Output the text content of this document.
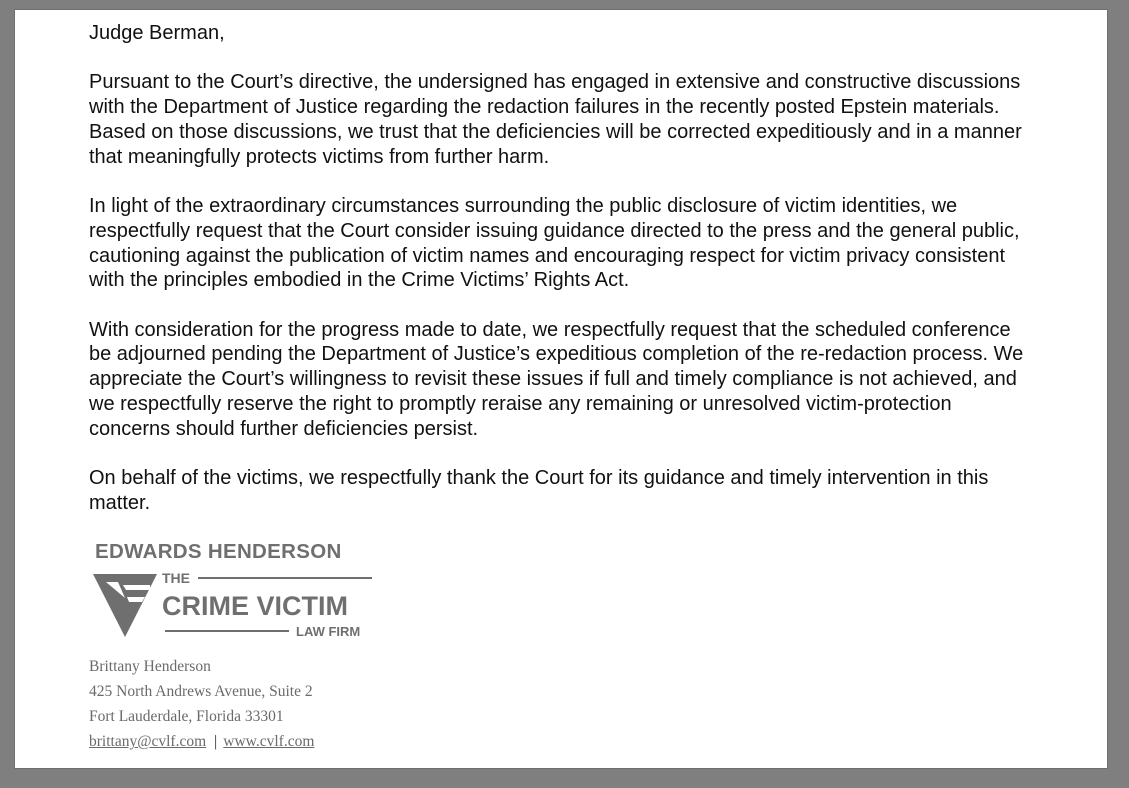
Judge Berman,
Pursuant to the Court’s directive, the undersigned has engaged in extensive and constructive discussions with the Department of Justice regarding the redaction failures in the recently posted Epstein materials. Based on those discussions, we trust that the deficiencies will be corrected expeditiously and in a manner that meaningfully protects victims from further harm.
In light of the extraordinary circumstances surrounding the public disclosure of victim identities, we respectfully request that the Court consider issuing guidance directed to the press and the general public, cautioning against the publication of victim names and encouraging respect for victim privacy consistent with the principles embodied in the Crime Victims’ Rights Act.
With consideration for the progress made to date, we respectfully request that the scheduled conference be adjourned pending the Department of Justice’s expeditious completion of the re-redaction process. We appreciate the Court’s willingness to revisit these issues if full and timely compliance is not achieved, and we respectfully reserve the right to promptly reraise any remaining or unresolved victim-protection concerns should further deficiencies persist.
On behalf of the victims, we respectfully thank the Court for its guidance and timely intervention in this matter.
EDWARDS HENDERSON
THE
CRIME VICTIM
LAW FIRM
Brittany Henderson
425 North Andrews Avenue, Suite 2
Fort Lauderdale, Florida 33301
brittany@cvlf.com | www.cvlf.com
